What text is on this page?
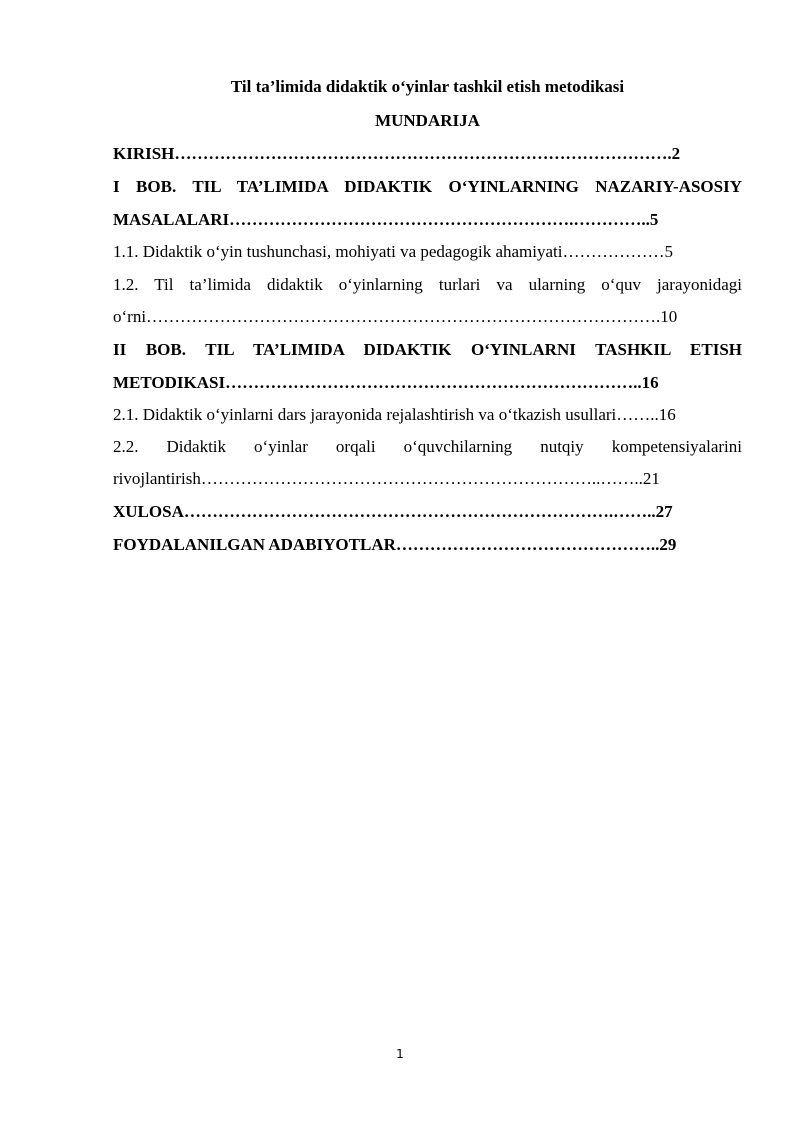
Til ta’limida didaktik o‘yinlar tashkil etish metodikasi
MUNDARIJA
KIRISH…………………………………………………………………………….2
I BOB. TIL TA’LIMIDA DIDAKTIK O‘YINLARNING NAZARIY-ASOSIY
MASALALARI…………………………………………………….…………..5
1.1. Didaktik o‘yin tushunchasi, mohiyati va pedagogik ahamiyati………………5
1.2. Til ta’limida didaktik o‘yinlarning turlari va ularning o‘quv jarayonidagi
o‘rni……………………………………………………………………………….10
II BOB. TIL TA’LIMIDA DIDAKTIK O‘YINLARNI TASHKIL ETISH
METODIKASI………………………………………………………………..16
2.1. Didaktik o‘yinlarni dars jarayonida rejalashtirish va o‘tkazish usullari……..16
2.2. Didaktik o‘yinlar orqali o‘quvchilarning nutqiy kompetensiyalarini
rivojlantirish……………………………………………………………..……..21
XULOSA………………………………………………………………….……..27
FOYDALANILGAN ADABIYOTLAR………………………………………..29
1
